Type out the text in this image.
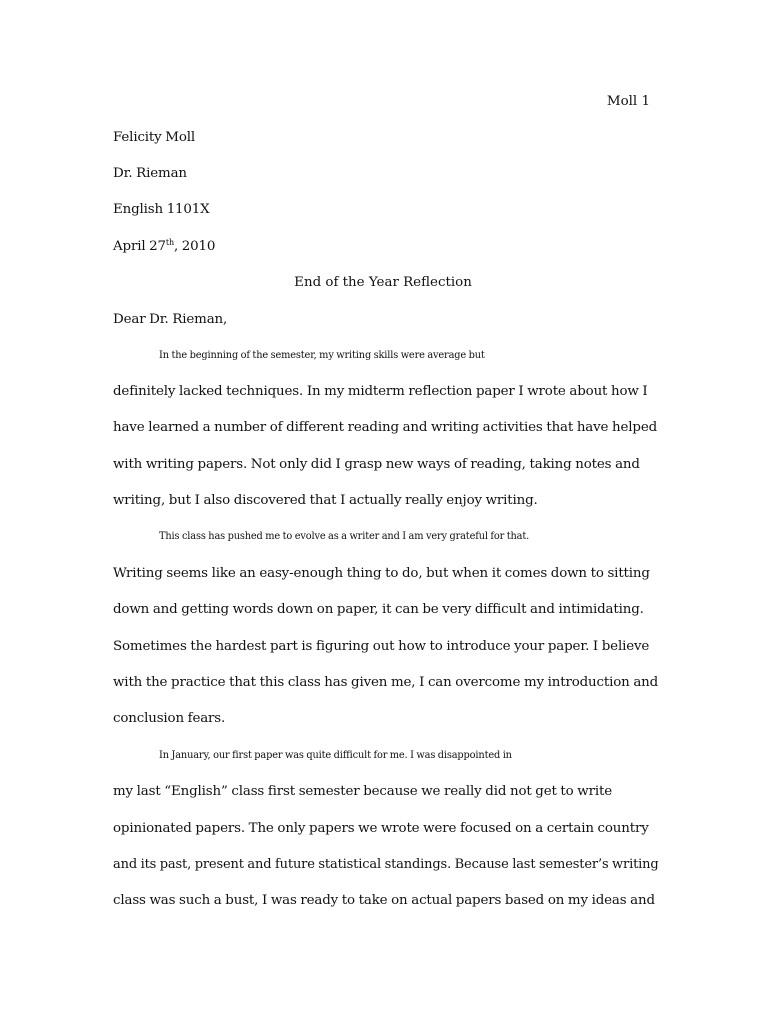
Moll 1
Felicity Moll
Dr. Rieman
English 1101X
April 27th, 2010
End of the Year Reflection
Dear Dr. Rieman,
In the beginning of the semester, my writing skills were average but
definitely lacked techniques. In my midterm reflection paper I wrote about how I
have learned a number of different reading and writing activities that have helped
with writing papers. Not only did I grasp new ways of reading, taking notes and
writing, but I also discovered that I actually really enjoy writing.
This class has pushed me to evolve as a writer and I am very grateful for that.
Writing seems like an easy-enough thing to do, but when it comes down to sitting
down and getting words down on paper, it can be very difficult and intimidating.
Sometimes the hardest part is figuring out how to introduce your paper. I believe
with the practice that this class has given me, I can overcome my introduction and
conclusion fears.
In January, our first paper was quite difficult for me. I was disappointed in
my last “English” class first semester because we really did not get to write
opinionated papers. The only papers we wrote were focused on a certain country
and its past, present and future statistical standings. Because last semester’s writing
class was such a bust, I was ready to take on actual papers based on my ideas and
